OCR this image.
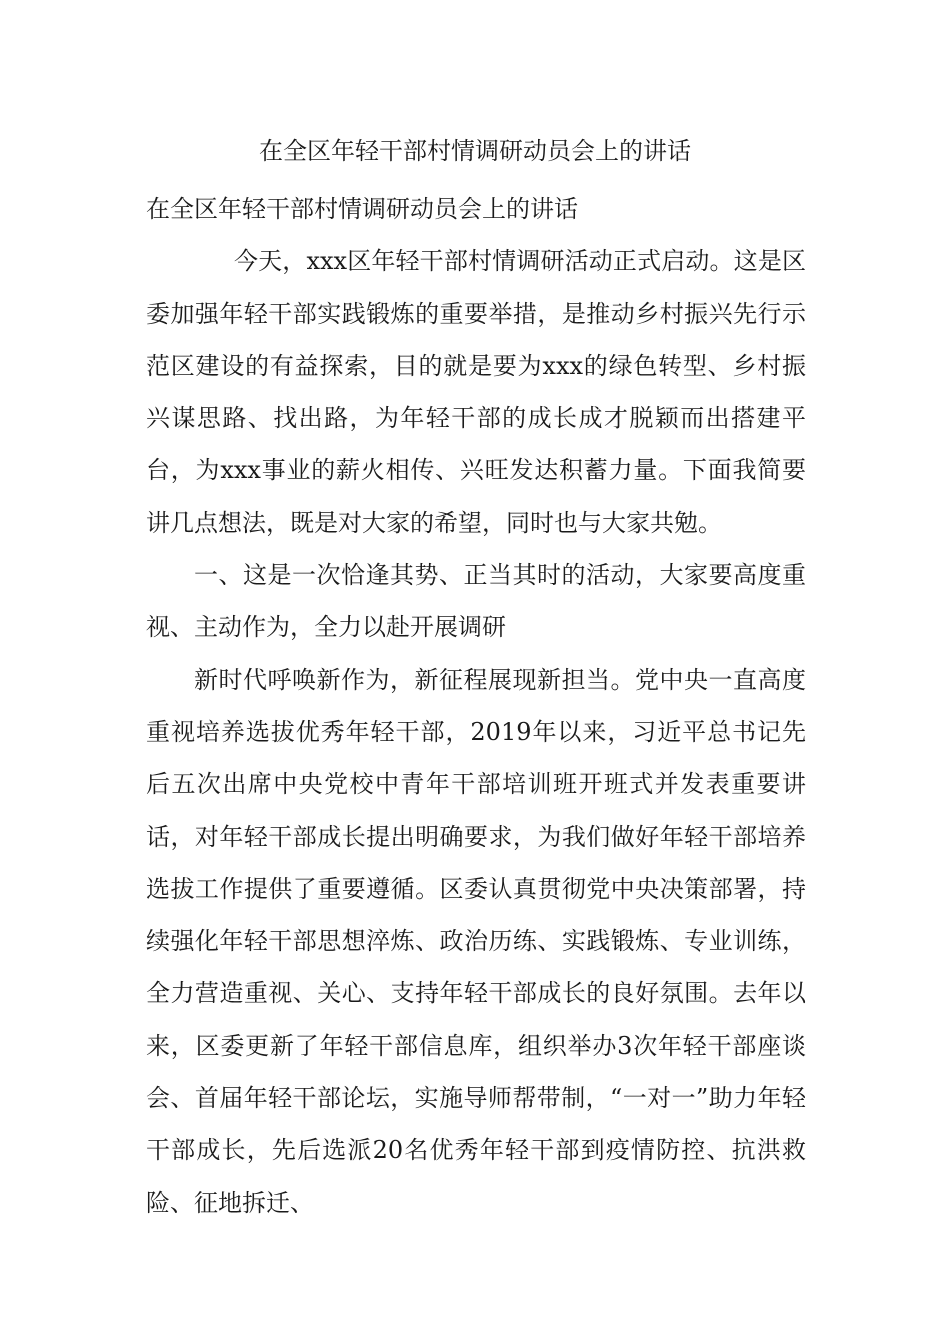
在全区年轻干部村情调研动员会上的讲话

在全区年轻干部村情调研动员会上的讲话

今天，xxx区年轻干部村情调研活动正式启动。这是区委加强年轻干部实践锻炼的重要举措，是推动乡村振兴先行示范区建设的有益探索，目的就是要为xxx的绿色转型、乡村振兴谋思路、找出路，为年轻干部的成长成才脱颖而出搭建平台，为xxx事业的薪火相传、兴旺发达积蓄力量。下面我简要讲几点想法，既是对大家的希望，同时也与大家共勉。

一、这是一次恰逢其势、正当其时的活动，大家要高度重视、主动作为，全力以赴开展调研

新时代呼唤新作为，新征程展现新担当。党中央一直高度重视培养选拔优秀年轻干部，2019年以来，习近平总书记先后五次出席中央党校中青年干部培训班开班式并发表重要讲话，对年轻干部成长提出明确要求，为我们做好年轻干部培养选拔工作提供了重要遵循。区委认真贯彻党中央决策部署，持续强化年轻干部思想淬炼、政治历练、实践锻炼、专业训练，全力营造重视、关心、支持年轻干部成长的良好氛围。去年以来，区委更新了年轻干部信息库，组织举办3次年轻干部座谈会、首届年轻干部论坛，实施导师帮带制，“一对一”助力年轻干部成长，先后选派20名优秀年轻干部到疫情防控、抗洪救险、征地拆迁、
